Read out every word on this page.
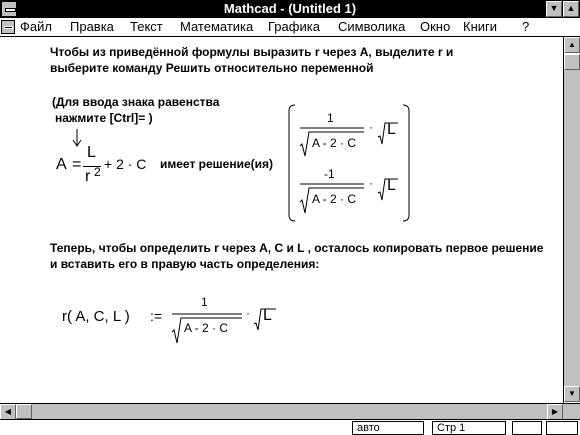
Mathcad - (Untitled 1)	▼ ▲
Файл Правка Текст Математика Графика Символика Окно Книги ?
Чтобы из приведённой формулы выразить r через А, выделите r и
выберите команду Решить относительно переменной
(Для ввода знака равенства
нажмите [Ctrl]= )
A =
L
r 2 + 2 · C имеет решение(ия)
1
A - 2 · C
· L
-1
A - 2 · C
· L
Теперь, чтобы определить r через А, С и L , осталось копировать первое решение
и вставить его в правую часть определения:
r( A, C, L ) :=
1
A - 2 · C
· L
▲
▼
◀	▶
авто	Стр 1
